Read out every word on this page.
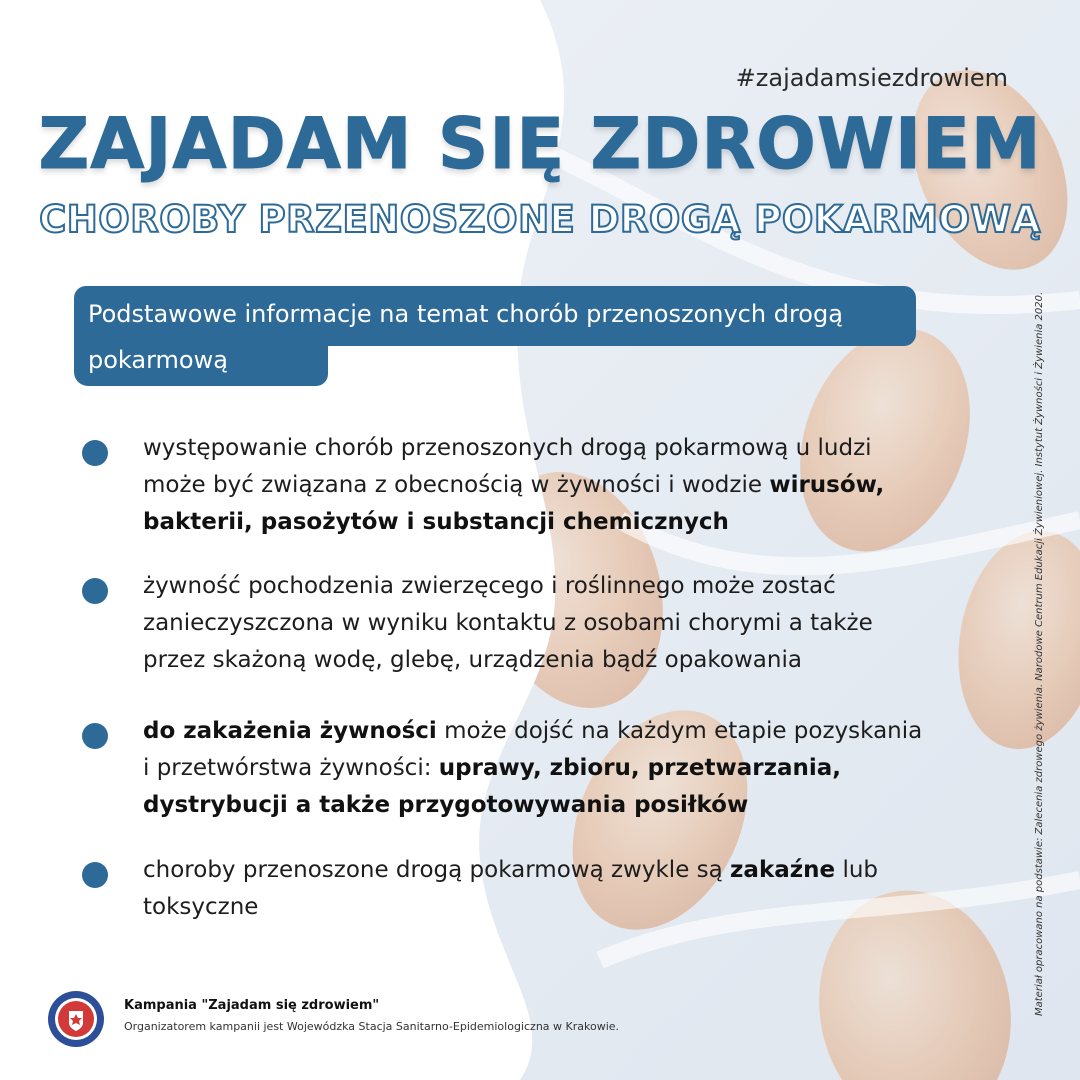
#zajadamsiezdrowiem
ZAJADAM SIĘ ZDROWIEM
CHOROBY PRZENOSZONE DROGĄ POKARMOWĄ
Podstawowe informacje na temat chorób przenoszonych drogą
pokarmową
występowanie chorób przenoszonych drogą pokarmową u ludzi może być związana z obecnością w żywności i wodzie wirusów, bakterii, pasożytów i substancji chemicznych
żywność pochodzenia zwierzęcego i roślinnego może zostać zanieczyszczona w wyniku kontaktu z osobami chorymi a także przez skażoną wodę, glebę, urządzenia bądź opakowania
do zakażenia żywności może dojść na każdym etapie pozyskania i przetwórstwa żywności: uprawy, zbioru, przetwarzania, dystrybucji a także przygotowywania posiłków
choroby przenoszone drogą pokarmową zwykle są zakaźne lub toksyczne
Kampania "Zajadam się zdrowiem"
Organizatorem kampanii jest Wojewódzka Stacja Sanitarno-Epidemiologiczna w Krakowie.
Materiał opracowano na podstawie: Zalecenia zdrowego żywienia. Narodowe Centrum Edukacji Żywieniowej. Instytut Żywności i Żywienia 2020.
